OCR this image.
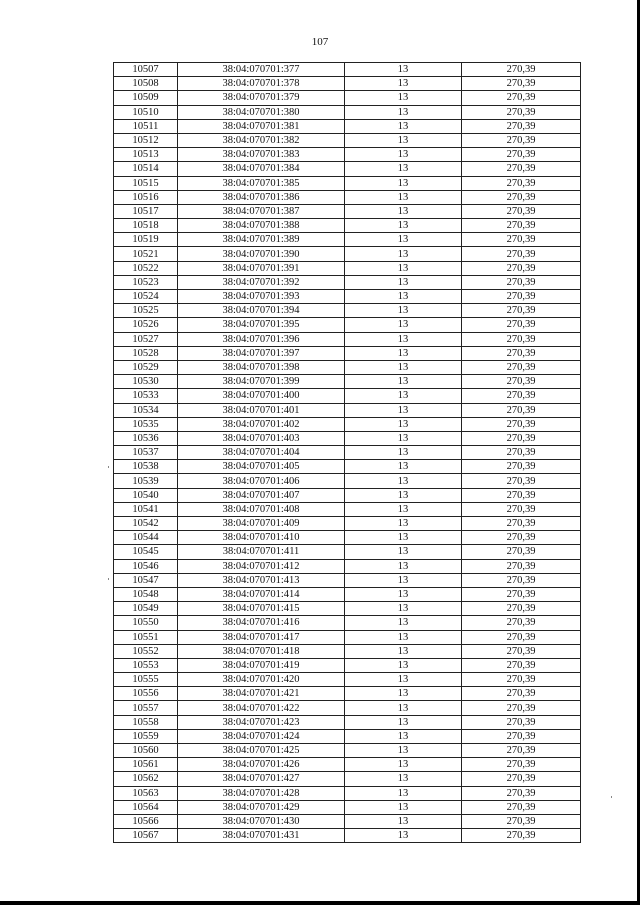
107
10507	38:04:070701:377	13	270,39
10508	38:04:070701:378	13	270,39
10509	38:04:070701:379	13	270,39
10510	38:04:070701:380	13	270,39
10511	38:04:070701:381	13	270,39
10512	38:04:070701:382	13	270,39
10513	38:04:070701:383	13	270,39
10514	38:04:070701:384	13	270,39
10515	38:04:070701:385	13	270,39
10516	38:04:070701:386	13	270,39
10517	38:04:070701:387	13	270,39
10518	38:04:070701:388	13	270,39
10519	38:04:070701:389	13	270,39
10521	38:04:070701:390	13	270,39
10522	38:04:070701:391	13	270,39
10523	38:04:070701:392	13	270,39
10524	38:04:070701:393	13	270,39
10525	38:04:070701:394	13	270,39
10526	38:04:070701:395	13	270,39
10527	38:04:070701:396	13	270,39
10528	38:04:070701:397	13	270,39
10529	38:04:070701:398	13	270,39
10530	38:04:070701:399	13	270,39
10533	38:04:070701:400	13	270,39
10534	38:04:070701:401	13	270,39
10535	38:04:070701:402	13	270,39
10536	38:04:070701:403	13	270,39
10537	38:04:070701:404	13	270,39
10538	38:04:070701:405	13	270,39
10539	38:04:070701:406	13	270,39
10540	38:04:070701:407	13	270,39
10541	38:04:070701:408	13	270,39
10542	38:04:070701:409	13	270,39
10544	38:04:070701:410	13	270,39
10545	38:04:070701:411	13	270,39
10546	38:04:070701:412	13	270,39
10547	38:04:070701:413	13	270,39
10548	38:04:070701:414	13	270,39
10549	38:04:070701:415	13	270,39
10550	38:04:070701:416	13	270,39
10551	38:04:070701:417	13	270,39
10552	38:04:070701:418	13	270,39
10553	38:04:070701:419	13	270,39
10555	38:04:070701:420	13	270,39
10556	38:04:070701:421	13	270,39
10557	38:04:070701:422	13	270,39
10558	38:04:070701:423	13	270,39
10559	38:04:070701:424	13	270,39
10560	38:04:070701:425	13	270,39
10561	38:04:070701:426	13	270,39
10562	38:04:070701:427	13	270,39
10563	38:04:070701:428	13	270,39
10564	38:04:070701:429	13	270,39
10566	38:04:070701:430	13	270,39
10567	38:04:070701:431	13	270,39
